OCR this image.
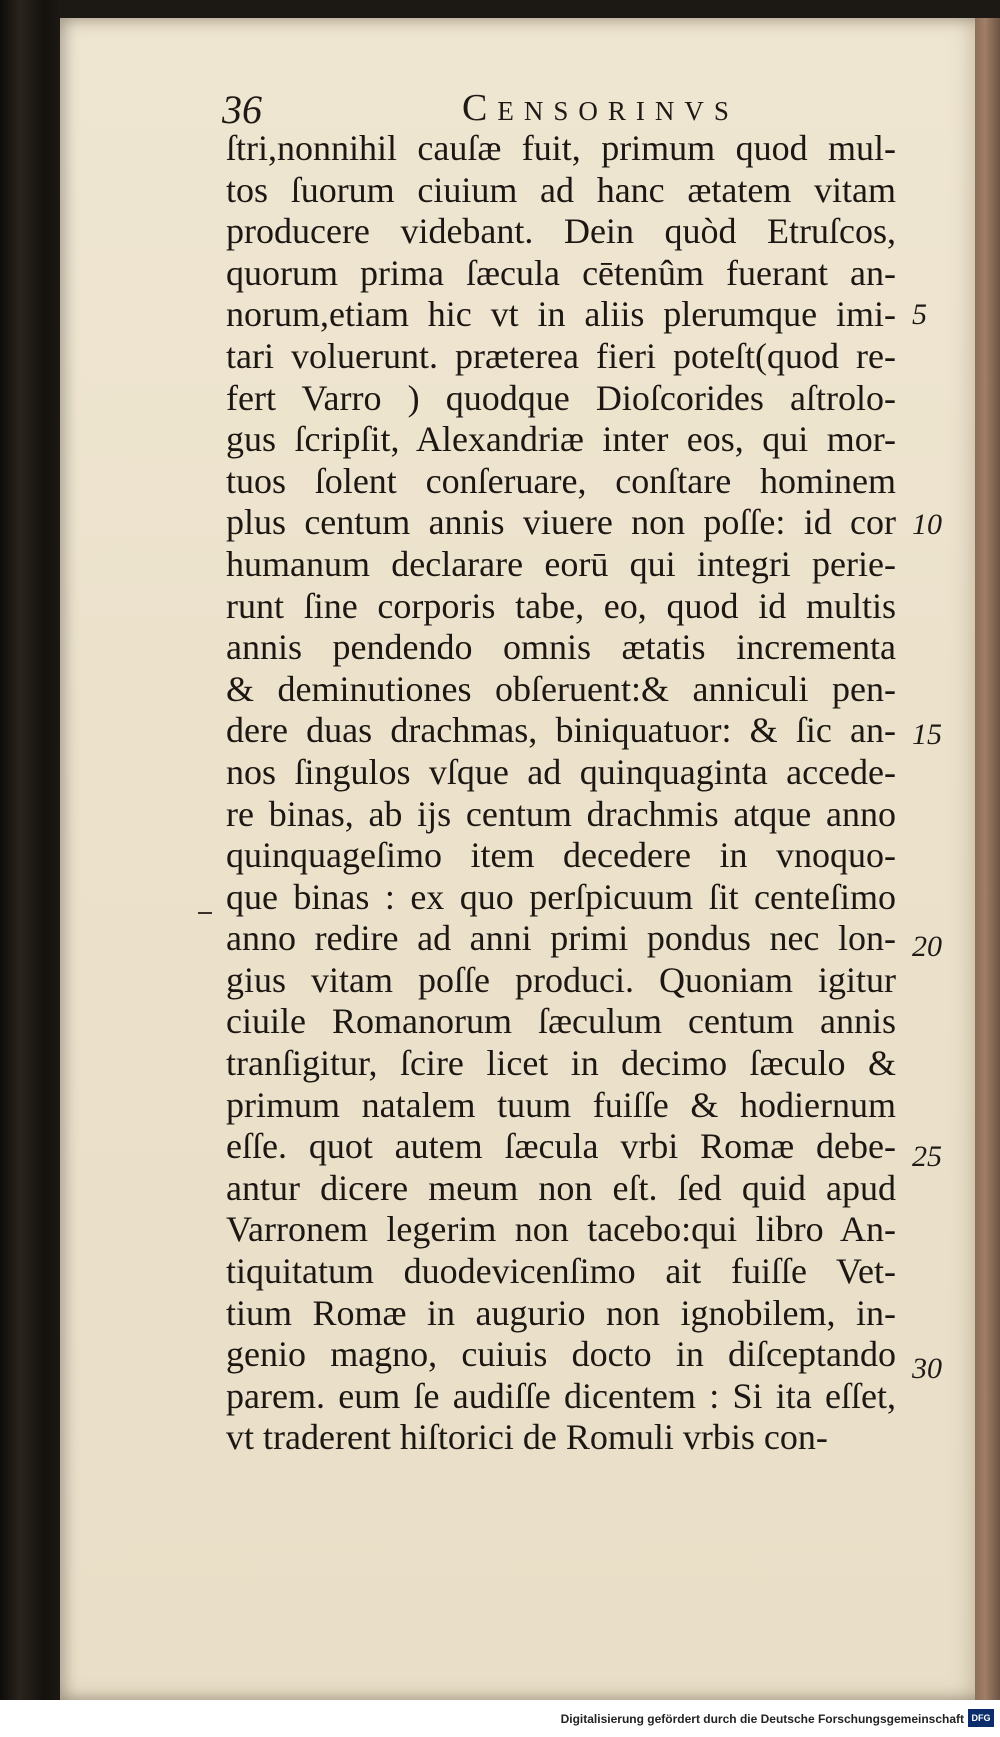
36	Censorinvs
ſtri,nonnihil cauſæ fuit, primum quod mul-
tos ſuorum ciuium ad hanc ætatem vitam
producere videbant. Dein quòd Etruſcos,
quorum prima ſæcula cētenûm fuerant an-
norum,etiam hic vt in aliis plerumque imi-
tari voluerunt. præterea fieri poteſt(quod re-
fert Varro ) quodque Dioſcorides aſtrolo-
gus ſcripſit, Alexandriæ inter eos, qui mor-
tuos ſolent conſeruare, conſtare hominem
plus centum annis viuere non poſſe: id cor
humanum declarare eorū qui integri perie-
runt ſine corporis tabe, eo, quod id multis
annis pendendo omnis ætatis incrementa
& deminutiones obſeruent:& anniculi pen-
dere duas drachmas, biniquatuor: & ſic an-
nos ſingulos vſque ad quinquaginta accede-
re binas, ab ijs centum drachmis atque anno
quinquageſimo item decedere in vnoquo-
que binas : ex quo perſpicuum ſit centeſimo
anno redire ad anni primi pondus nec lon-
gius vitam poſſe produci. Quoniam igitur
ciuile Romanorum ſæculum centum annis
tranſigitur, ſcire licet in decimo ſæculo &
primum natalem tuum fuiſſe & hodiernum
eſſe. quot autem ſæcula vrbi Romæ debe-
antur dicere meum non eſt. ſed quid apud
Varronem legerim non tacebo:qui libro An-
tiquitatum duodevicenſimo ait fuiſſe Vet-
tium Romæ in augurio non ignobilem, in-
genio magno, cuiuis docto in diſceptando
parem. eum ſe audiſſe dicentem : Si ita eſſet,
vt traderent hiſtorici de Romuli vrbis con-
5
10
15
20
25
30
Digitalisierung gefördert durch die Deutsche Forschungsgemeinschaft DFG
